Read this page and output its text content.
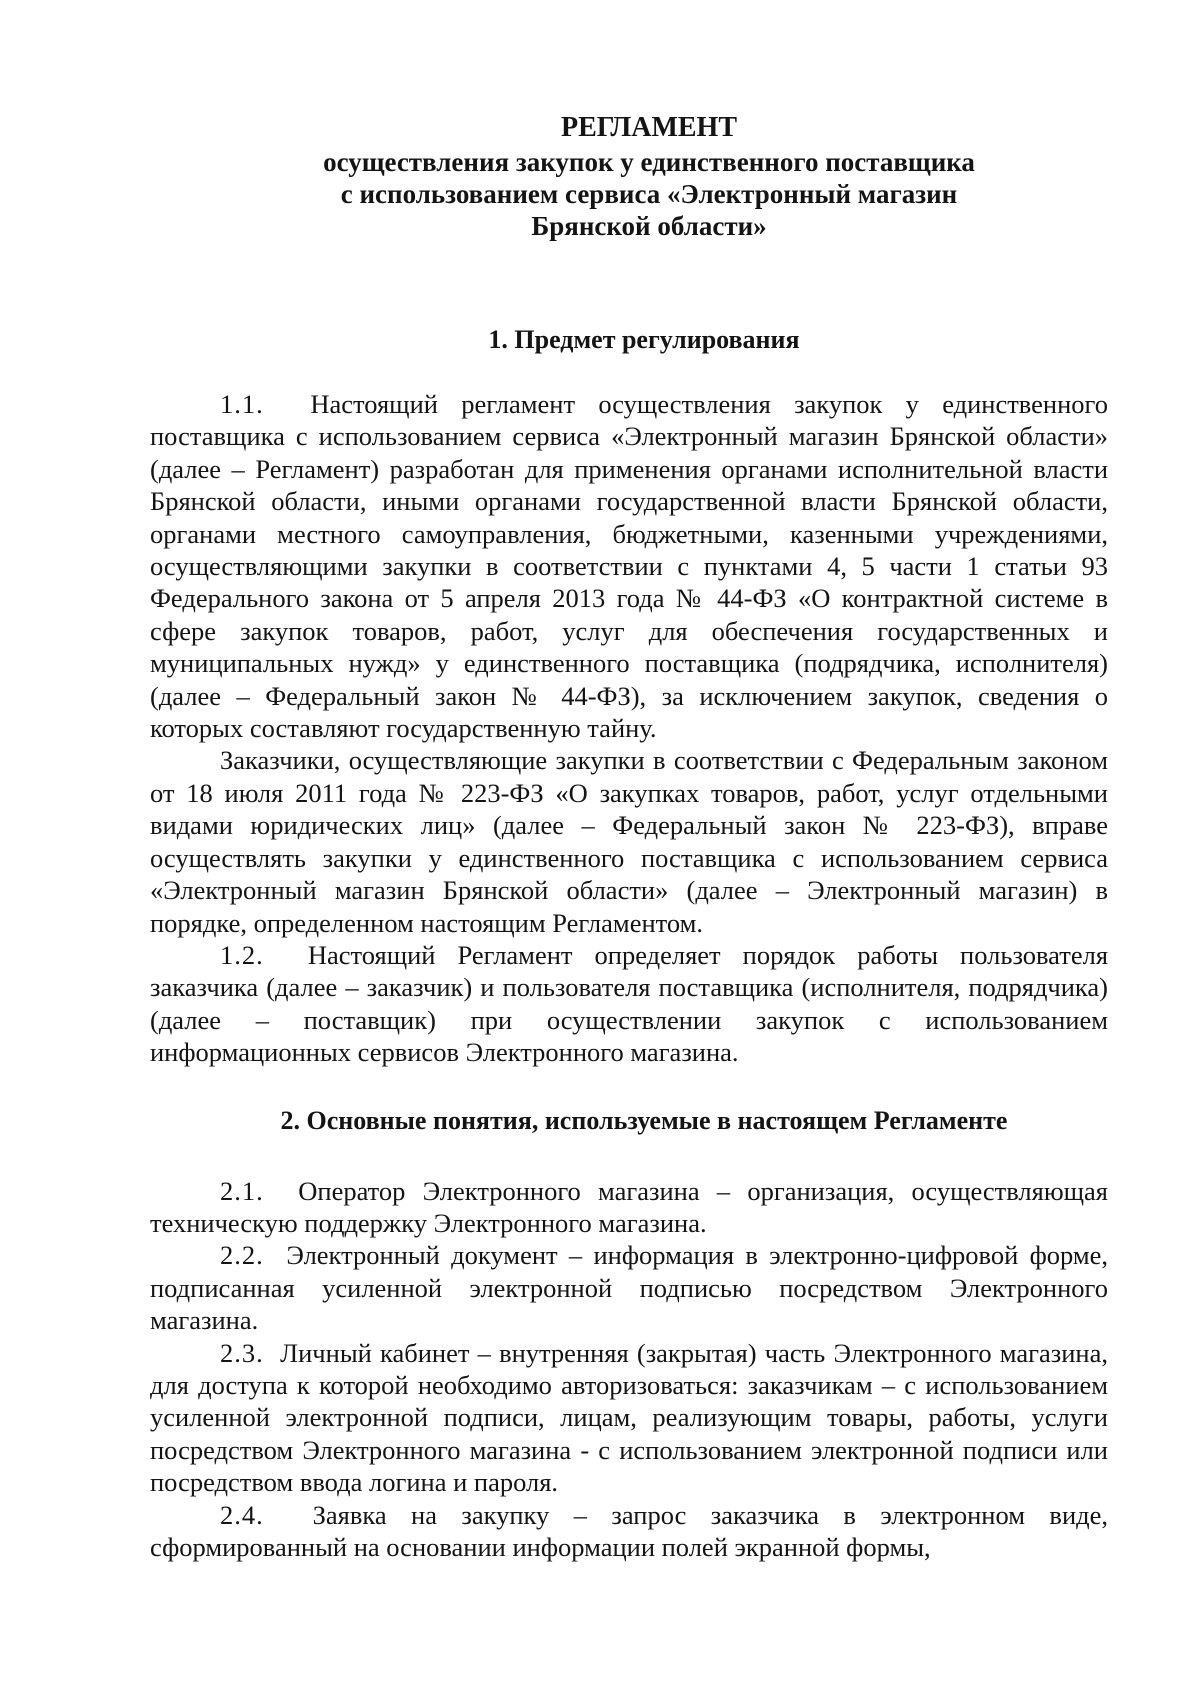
РЕГЛАМЕНТ
осуществления закупок у единственного поставщика
с использованием сервиса «Электронный магазин
Брянской области»
1. Предмет регулирования

1.1. Настоящий регламент осуществления закупок у единственного поставщика с использованием сервиса «Электронный магазин Брянской области» (далее – Регламент) разработан для применения органами исполнительной власти Брянской области, иными органами государственной власти Брянской области, органами местного самоуправления, бюджетными, казенными учреждениями, осуществляющими закупки в соответствии с пунктами 4, 5 части 1 статьи 93 Федерального закона от 5 апреля 2013 года № 44-ФЗ «О контрактной системе в сфере закупок товаров, работ, услуг для обеспечения государственных и муниципальных нужд» у единственного поставщика (подрядчика, исполнителя) (далее – Федеральный закон № 44-ФЗ), за исключением закупок, сведения о которых составляют государственную тайну.

Заказчики, осуществляющие закупки в соответствии с Федеральным законом от 18 июля 2011 года № 223-ФЗ «О закупках товаров, работ, услуг отдельными видами юридических лиц» (далее – Федеральный закон № 223-ФЗ), вправе осуществлять закупки у единственного поставщика с использованием сервиса «Электронный магазин Брянской области» (далее – Электронный магазин) в порядке, определенном настоящим Регламентом.

1.2. Настоящий Регламент определяет порядок работы пользователя заказчика (далее – заказчик) и пользователя поставщика (исполнителя, подрядчика) (далее – поставщик) при осуществлении закупок с использованием информационных сервисов Электронного магазина.

2. Основные понятия, используемые в настоящем Регламенте

2.1. Оператор Электронного магазина – организация, осуществляющая техническую поддержку Электронного магазина.

2.2. Электронный документ – информация в электронно-цифровой форме, подписанная усиленной электронной подписью посредством Электронного магазина.

2.3. Личный кабинет – внутренняя (закрытая) часть Электронного магазина, для доступа к которой необходимо авторизоваться: заказчикам – с использованием усиленной электронной подписи, лицам, реализующим товары, работы, услуги посредством Электронного магазина - с использованием электронной подписи или посредством ввода логина и пароля.

2.4. Заявка на закупку – запрос заказчика в электронном виде, сформированный на основании информации полей экранной формы,
